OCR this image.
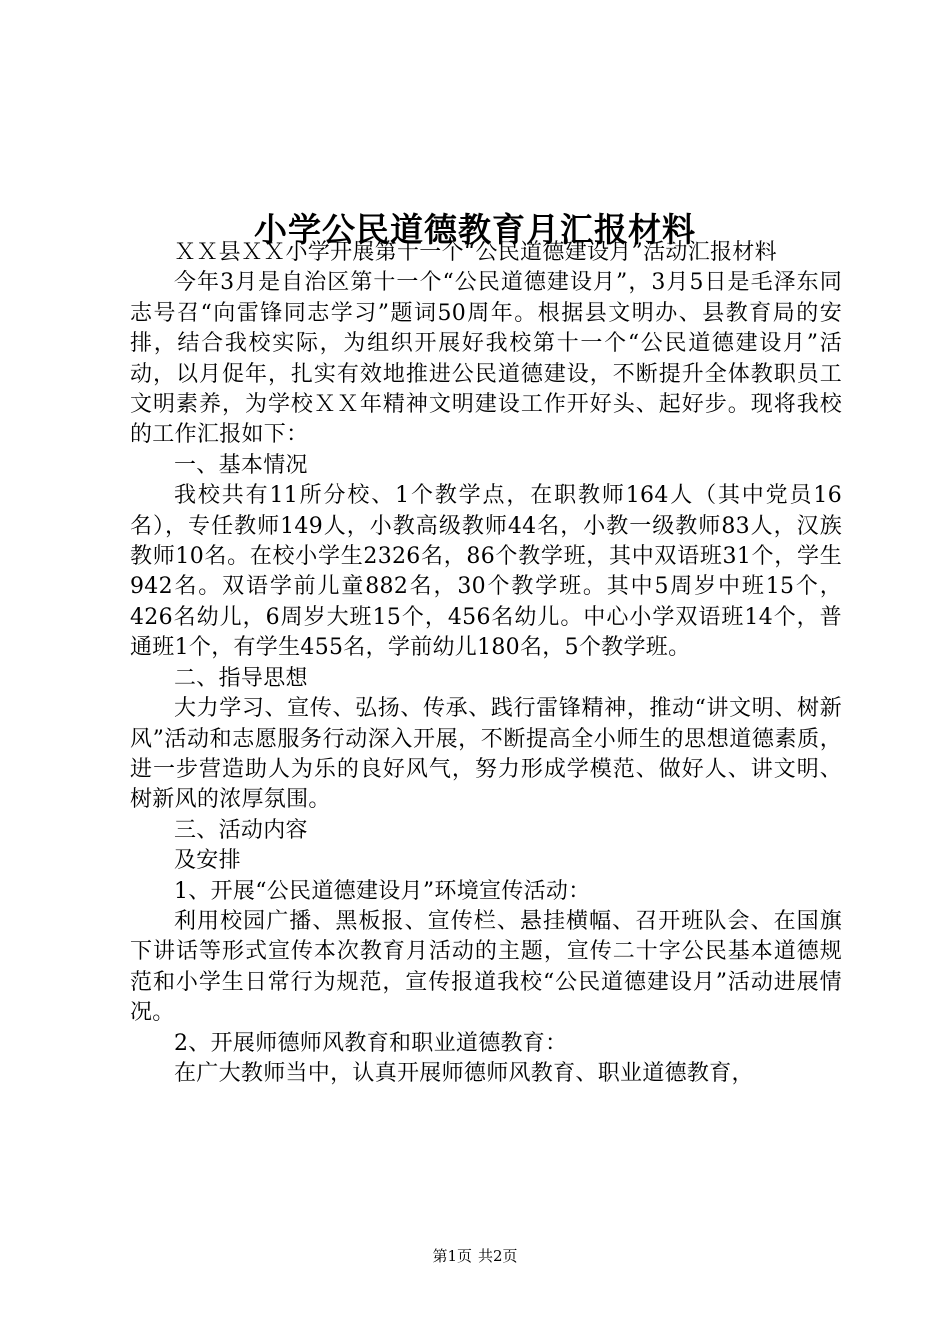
小学公民道德教育月汇报材料

ＸＸ县ＸＸ小学开展第十一个“公民道德建设月”活动汇报材料

今年3月是自治区第十一个“公民道德建设月”，3月5日是毛泽东同志号召“向雷锋同志学习”题词50周年。根据县文明办、县教育局的安排，结合我校实际，为组织开展好我校第十一个“公民道德建设月”活动，以月促年，扎实有效地推进公民道德建设，不断提升全体教职员工文明素养，为学校ＸＸ年精神文明建设工作开好头、起好步。现将我校的工作汇报如下：

一、基本情况

我校共有11所分校、1个教学点，在职教师164人（其中党员16名），专任教师149人，小教高级教师44名，小教一级教师83人，汉族教师10名。在校小学生2326名，86个教学班，其中双语班31个，学生942名。双语学前儿童882名，30个教学班。其中5周岁中班15个，426名幼儿，6周岁大班15个，456名幼儿。中心小学双语班14个，普通班1个，有学生455名，学前幼儿180名，5个教学班。

二、指导思想

大力学习、宣传、弘扬、传承、践行雷锋精神，推动“讲文明、树新风”活动和志愿服务行动深入开展，不断提高全小师生的思想道德素质，进一步营造助人为乐的良好风气，努力形成学模范、做好人、讲文明、树新风的浓厚氛围。

三、活动内容

及安排

1、开展“公民道德建设月”环境宣传活动：

利用校园广播、黑板报、宣传栏、悬挂横幅、召开班队会、在国旗下讲话等形式宣传本次教育月活动的主题，宣传二十字公民基本道德规范和小学生日常行为规范，宣传报道我校“公民道德建设月”活动进展情况。

2、开展师德师风教育和职业道德教育：

在广大教师当中，认真开展师德师风教育、职业道德教育，

第1页 共2页
